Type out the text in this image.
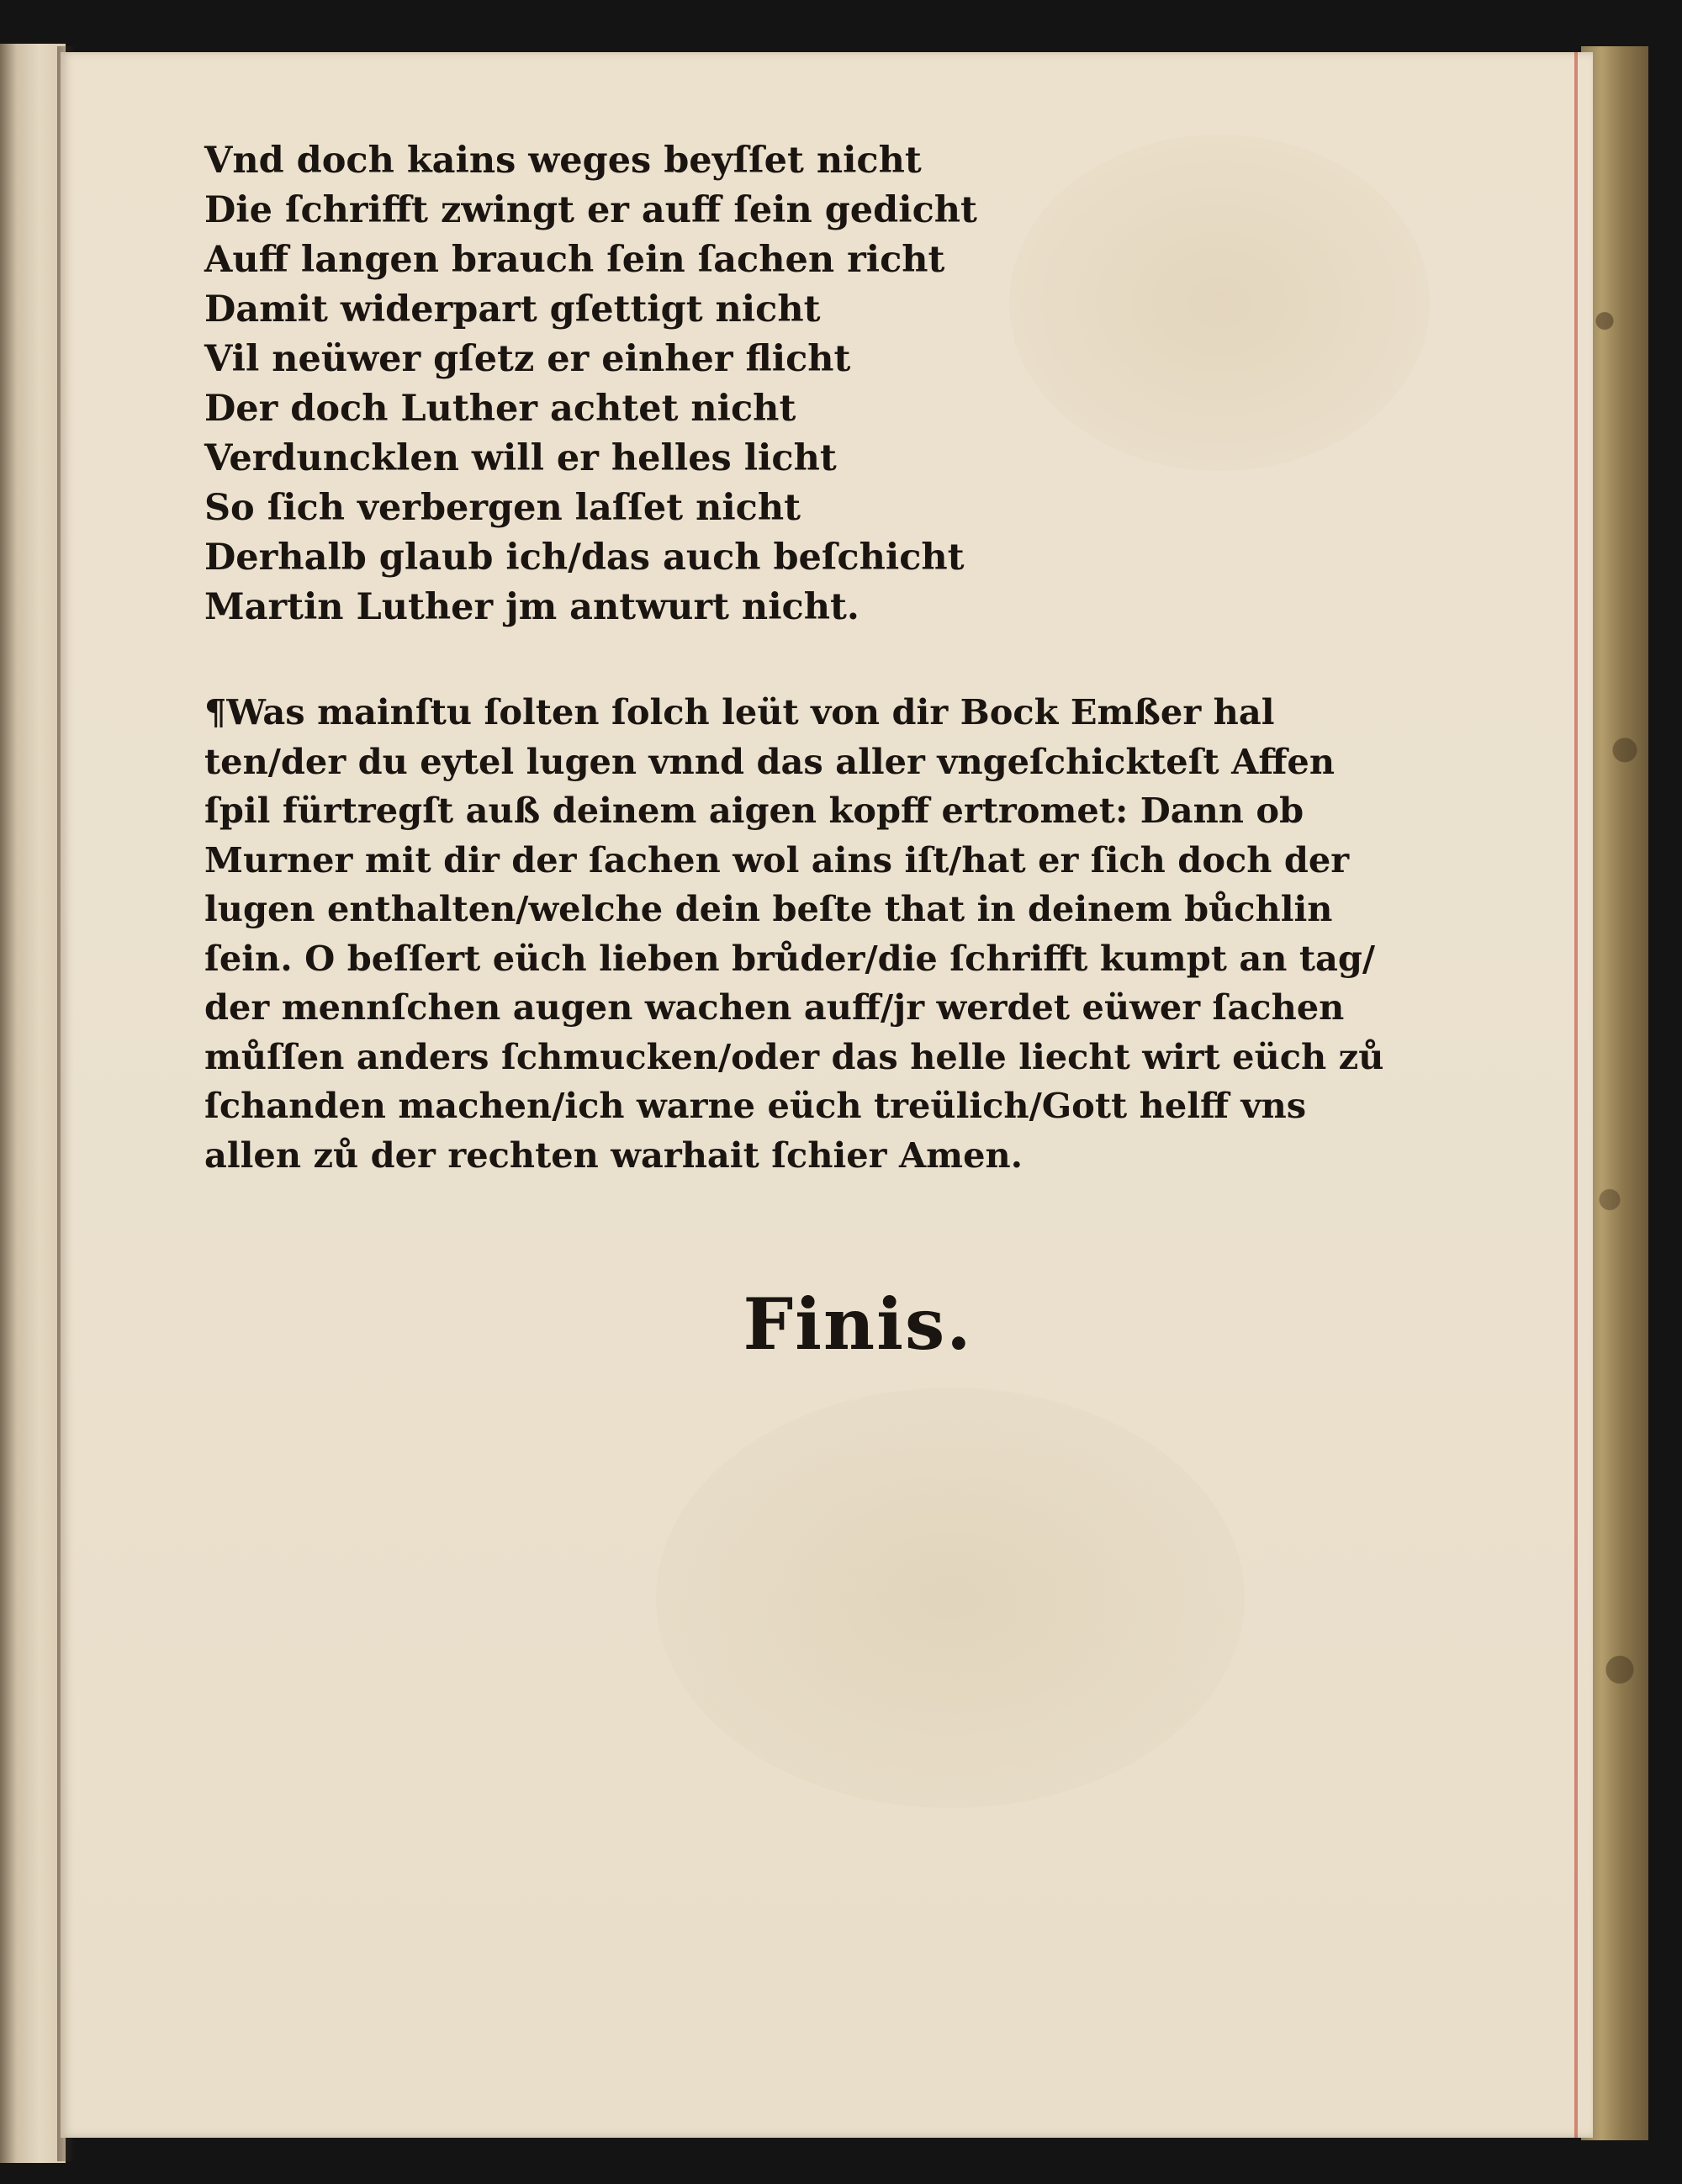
Vnd doch kains weges beyſſet nicht
Die ſchrifft zwingt er auff ſein gedicht
Auff langen brauch ſein ſachen richt
Damit widerpart gſettigt nicht
Vil neüwer gſetz er einher flicht
Der doch Luther achtet nicht
Verduncklen will er helles licht
So ſich verbergen laſſet nicht
Derhalb glaub ich/das auch beſchicht
Martin Luther jm antwurt nicht.
¶Was mainſtu ſolten ſolch leüt von dir Bock Emßer hal
ten/der du eytel lugen vnnd das aller vngeſchickteſt Affen
ſpil fürtregſt auß deinem aigen kopff ertromet: Dann ob
Murner mit dir der ſachen wol ains iſt/hat er ſich doch der
lugen enthalten/welche dein beſte that in deinem bůchlin
ſein. O beſſert eüch lieben brůder/die ſchrifft kumpt an tag/
der mennſchen augen wachen auff/jr werdet eüwer ſachen
můſſen anders ſchmucken/oder das helle liecht wirt eüch zů
ſchanden machen/ich warne eüch treülich/Gott helff vns
allen zů der rechten warhait ſchier Amen.
Finis.
